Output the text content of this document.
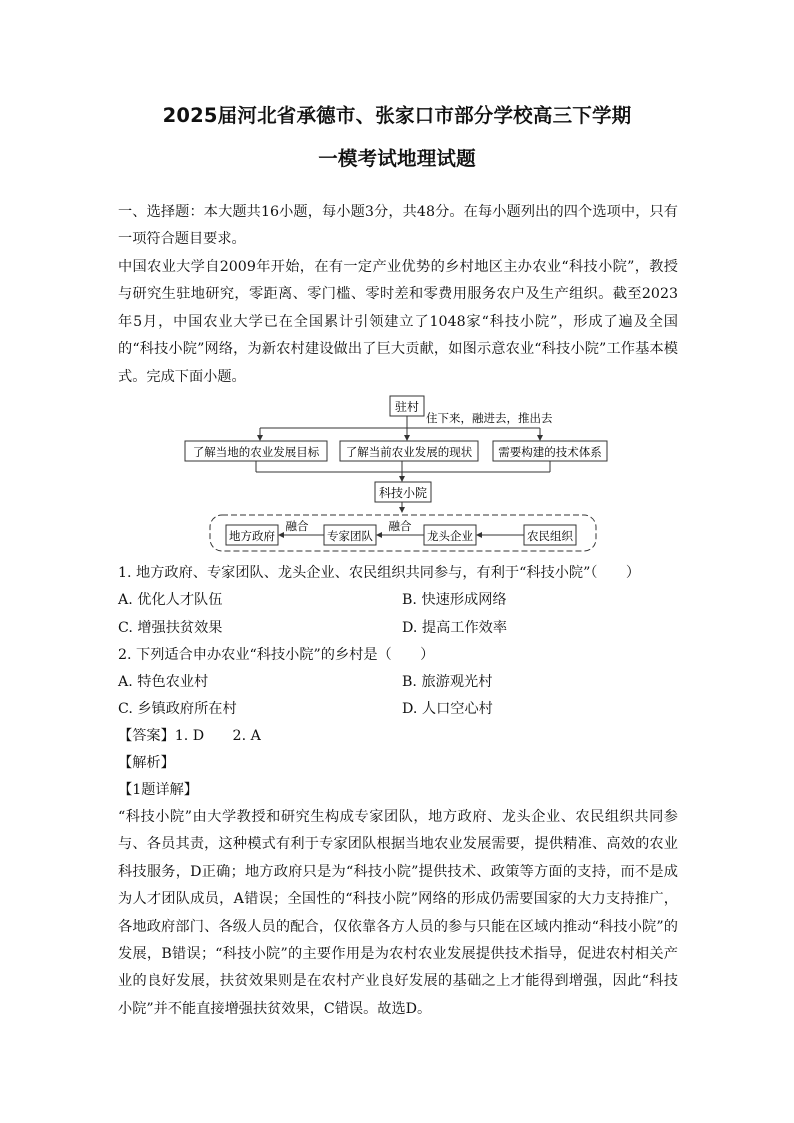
2025届河北省承德市、张家口市部分学校高三下学期
一模考试地理试题
一、选择题：本大题共16小题，每小题3分，共48分。在每小题列出的四个选项中，只有一项符合题目要求。
中国农业大学自2009年开始，在有一定产业优势的乡村地区主办农业“科技小院”，教授与研究生驻地研究，零距离、零门槛、零时差和零费用服务农户及生产组织。截至2023年5月，中国农业大学已在全国累计引领建立了1048家“科技小院”，形成了遍及全国的“科技小院”网络，为新农村建设做出了巨大贡献，如图示意农业“科技小院”工作基本模式。完成下面小题。
驻村
住下来，融进去，推出去
了解当地的农业发展目标 了解当前农业发展的现状 需要构建的技术体系
科技小院
地方政府	专家团队	龙头企业	农民组织
融合	融合
1. 地方政府、专家团队、龙头企业、农民组织共同参与，有利于“科技小院”（　　）
A. 优化人才队伍	B. 快速形成网络
C. 增强扶贫效果	D. 提高工作效率
2. 下列适合申办农业“科技小院”的乡村是（　　）
A. 特色农业村	B. 旅游观光村
C. 乡镇政府所在村	D. 人口空心村
【答案】1. D　　2. A
【解析】
【1题详解】
“科技小院”由大学教授和研究生构成专家团队，地方政府、龙头企业、农民组织共同参与、各员其责，这种模式有利于专家团队根据当地农业发展需要，提供精准、高效的农业科技服务，D正确；地方政府只是为“科技小院”提供技术、政策等方面的支持，而不是成为人才团队成员，A错误；全国性的“科技小院”网络的形成仍需要国家的大力支持推广，各地政府部门、各级人员的配合，仅依靠各方人员的参与只能在区域内推动“科技小院”的发展，B错误；“科技小院”的主要作用是为农村农业发展提供技术指导，促进农村相关产业的良好发展，扶贫效果则是在农村产业良好发展的基础之上才能得到增强，因此“科技小院”并不能直接增强扶贫效果，C错误。故选D。
